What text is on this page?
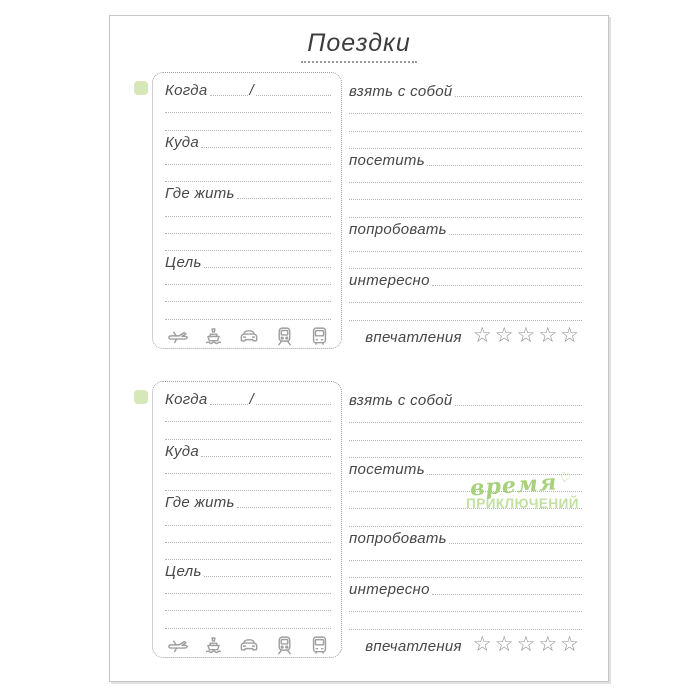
Поездки
Когда	/
Куда
Где жить
Цель
взять с собой
посетить
попробовать
интересно
впечатления ☆☆☆☆☆
Когда	/
Куда
Где жить
Цель
взять с собой
посетить
попробовать
интересно
впечатления ☆☆☆☆☆
время♡
ПРИКЛЮЧЕНИЙ
